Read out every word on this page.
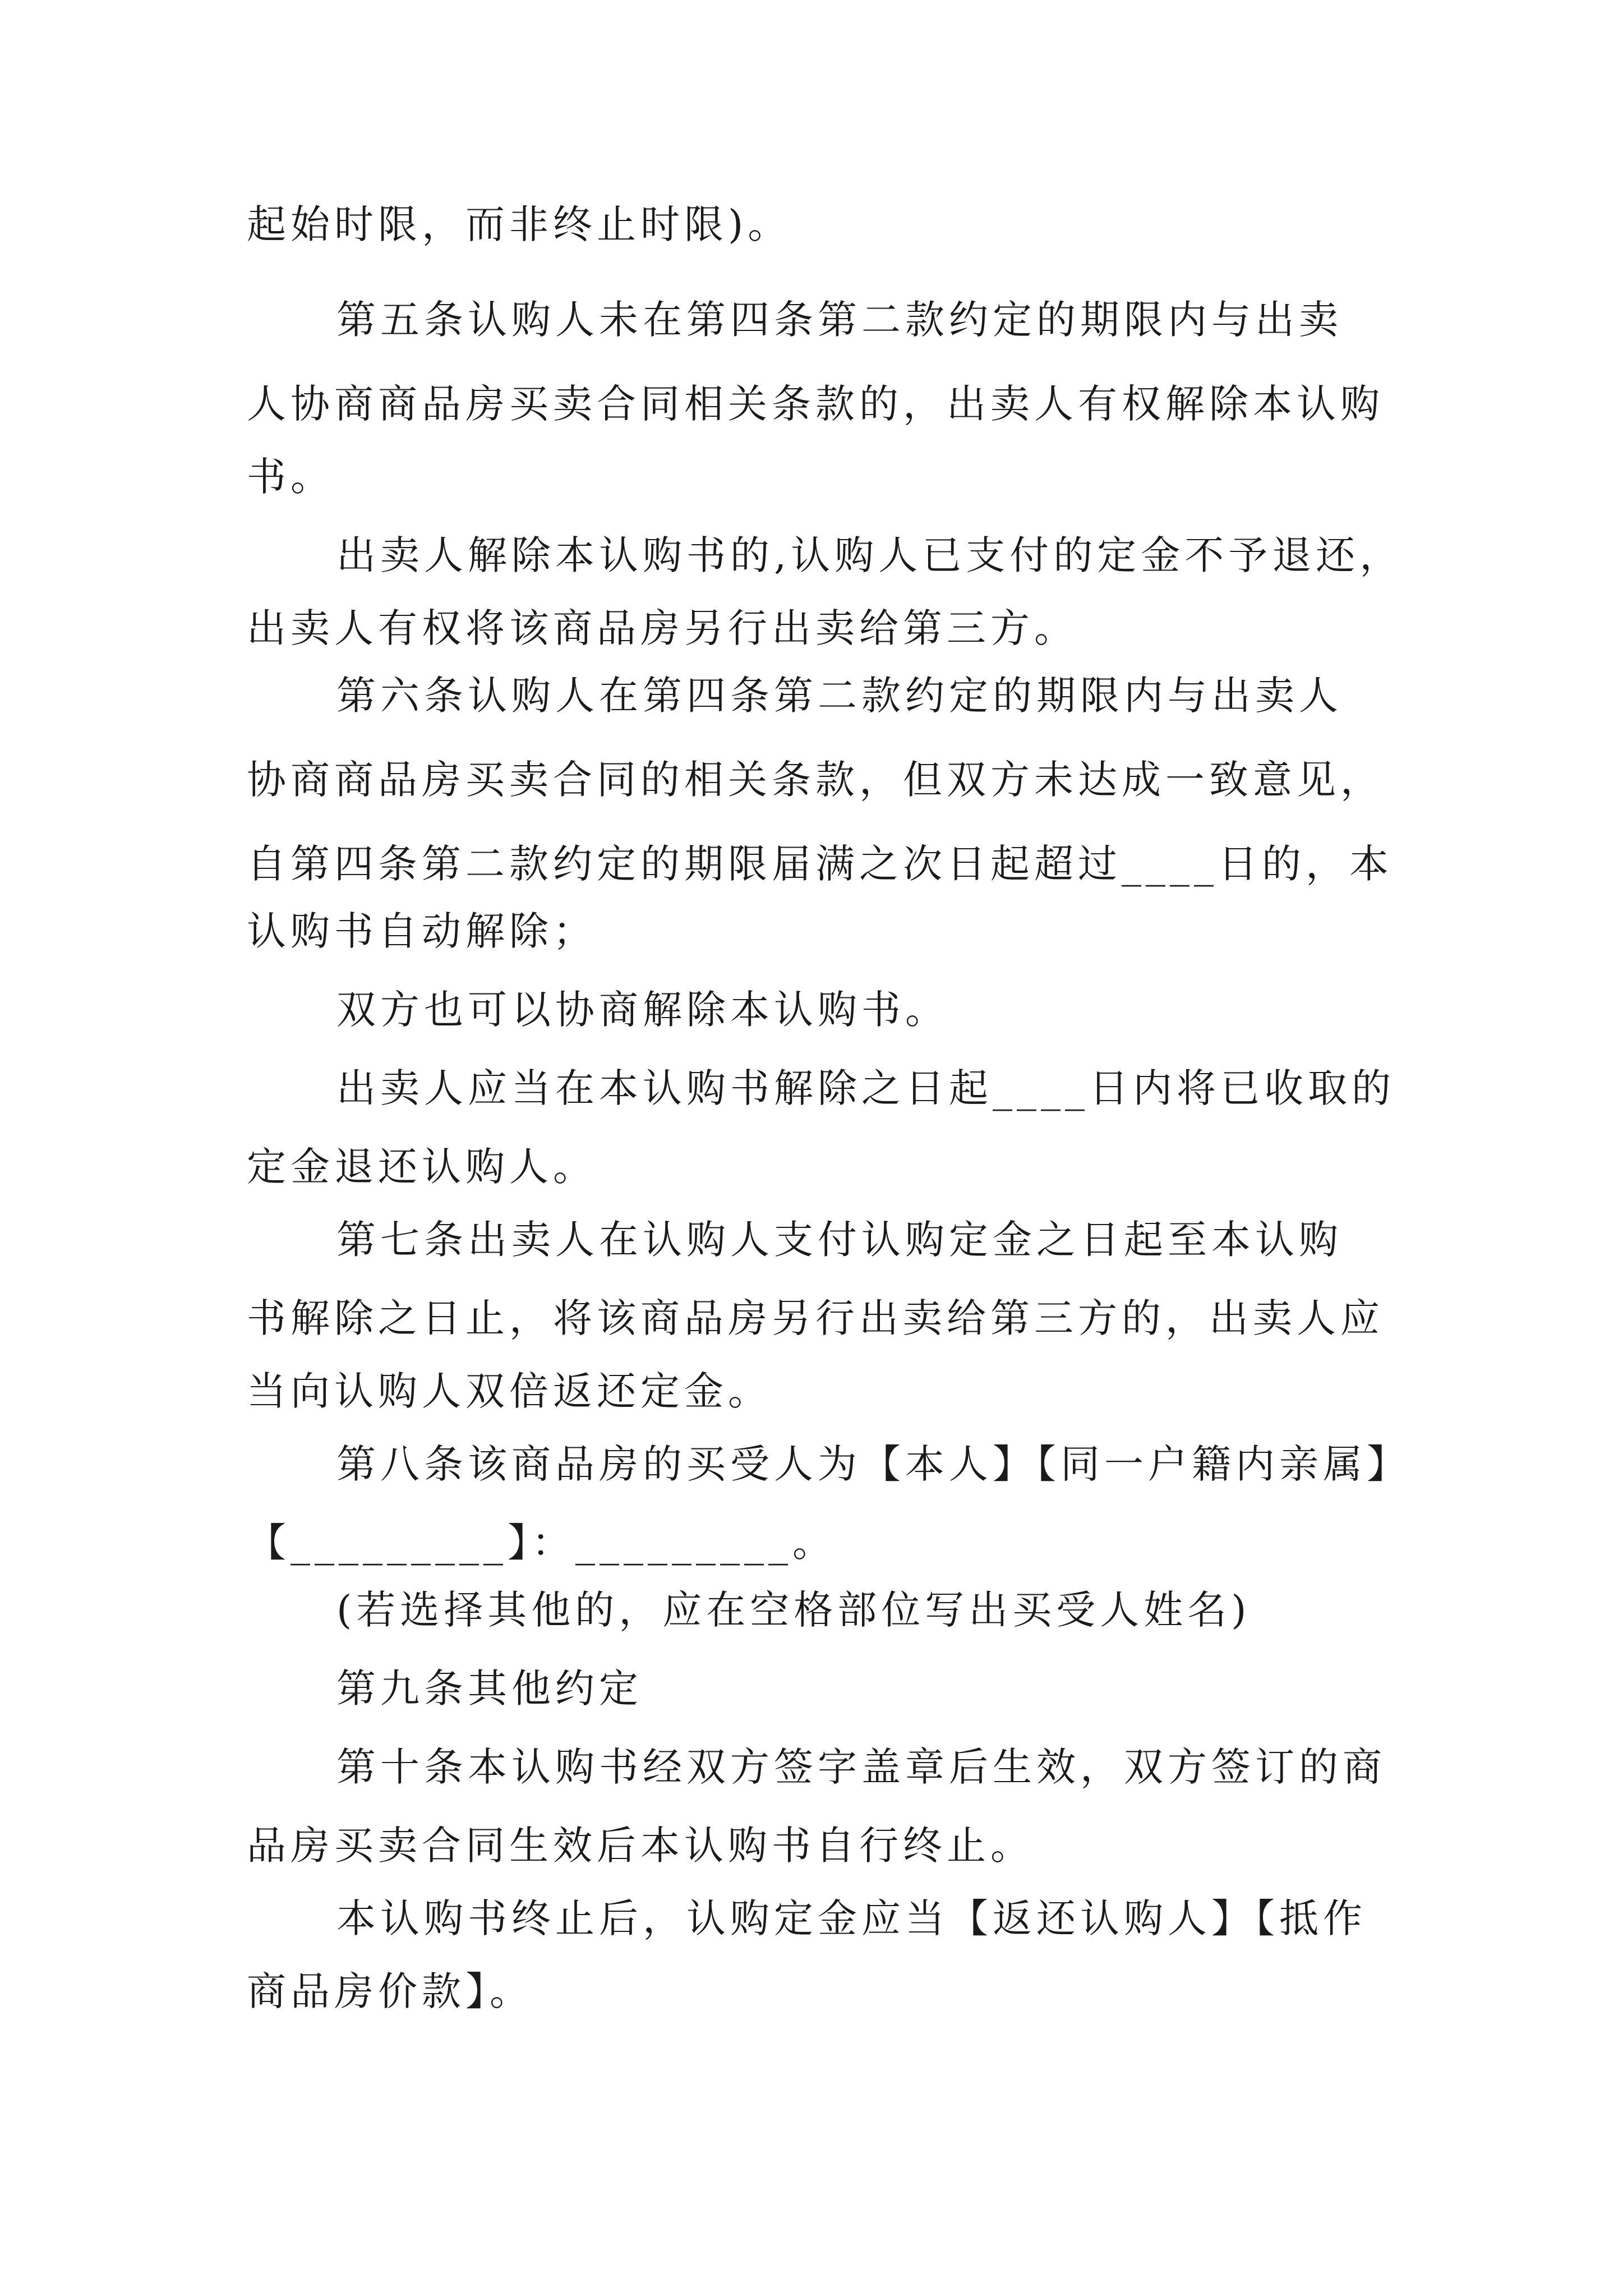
起始时限，而非终止时限)。
第五条认购人未在第四条第二款约定的期限内与出卖
人协商商品房买卖合同相关条款的，出卖人有权解除本认购
书。
出卖人解除本认购书的,认购人已支付的定金不予退还，
出卖人有权将该商品房另行出卖给第三方。
第六条认购人在第四条第二款约定的期限内与出卖人
协商商品房买卖合同的相关条款，但双方未达成一致意见，
自第四条第二款约定的期限届满之次日起超过____日的，本
认购书自动解除；
双方也可以协商解除本认购书。
出卖人应当在本认购书解除之日起____日内将已收取的
定金退还认购人。
第七条出卖人在认购人支付认购定金之日起至本认购
书解除之日止，将该商品房另行出卖给第三方的，出卖人应
当向认购人双倍返还定金。
第八条该商品房的买受人为【本人】【同一户籍内亲属】
【_________】：_________。
(若选择其他的，应在空格部位写出买受人姓名)
第九条其他约定
第十条本认购书经双方签字盖章后生效，双方签订的商
品房买卖合同生效后本认购书自行终止。
本认购书终止后，认购定金应当【返还认购人】【抵作
商品房价款】。
